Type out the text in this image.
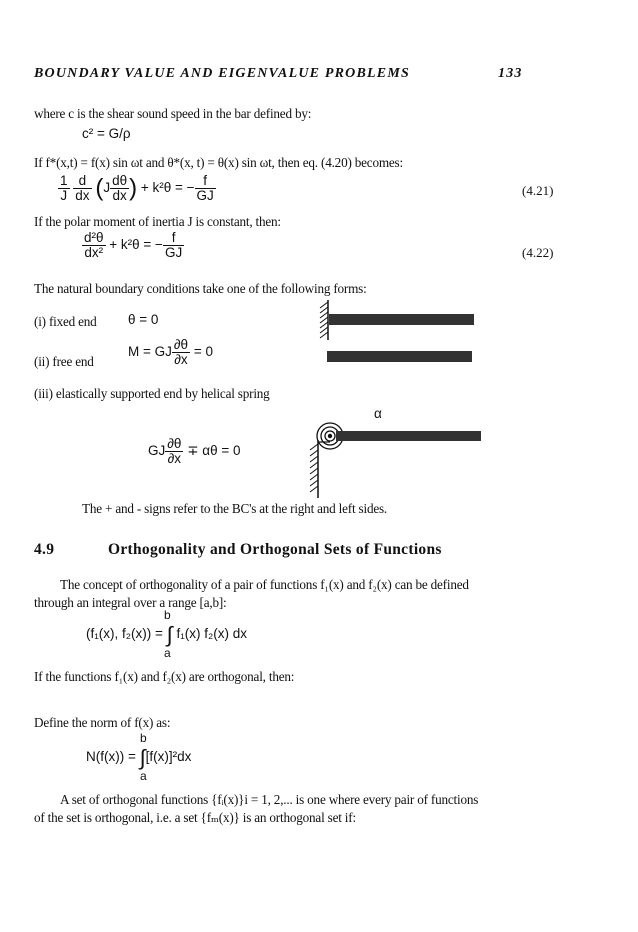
BOUNDARY VALUE AND EIGENVALUE PROBLEMS	133
where c is the shear sound speed in the bar defined by:
c² = G/ρ
If f*(x,t) = f(x) sin ωt and θ*(x, t) = θ(x) sin ωt, then eq. (4.20) becomes:
$\frac{1}{J}$
$\frac{d}{dx} (J \frac{d\theta}{dx}$ ) + k²θ = − $\frac{f}{GJ}$	(4.21)
If the polar moment of inertia J is constant, then:
$\frac{\text{d²θ}}{\text{dx²}} + k^2\theta$ = − $\frac{f}{GJ}$	(4.22)
The natural boundary conditions take one of the following forms:
(i) fixed end θ = 0
(ii) free end
M = GJ $\frac{\partial\theta}{\partial x} = 0$
(iii) elastically supported end by helical spring
α
GJ $\frac{\partial\theta}{\partial x} \mp \alpha\theta = 0$
The + and - signs refer to the BC's at the right and left sides.
4.9	Orthogonality and Orthogonal Sets of Functions
The concept of orthogonality of a pair of functions f₁(x) and f₂(x) can be defined
through an integral over a range [a,b]:
b
(f₁(x), f₂(x)) = ∫ f₁(x) f₂(x) dx
a
If the functions f₁(x) and f₂(x) are orthogonal, then:
Define the norm of f(x) as:
b
N(f(x)) = ∫[f(x)]²dx
a
A set of orthogonal functions {fᵢ(x)}i = 1, 2,... is one where every pair of functions
of the set is orthogonal, i.e. a set {fₘ(x)} is an orthogonal set if:
